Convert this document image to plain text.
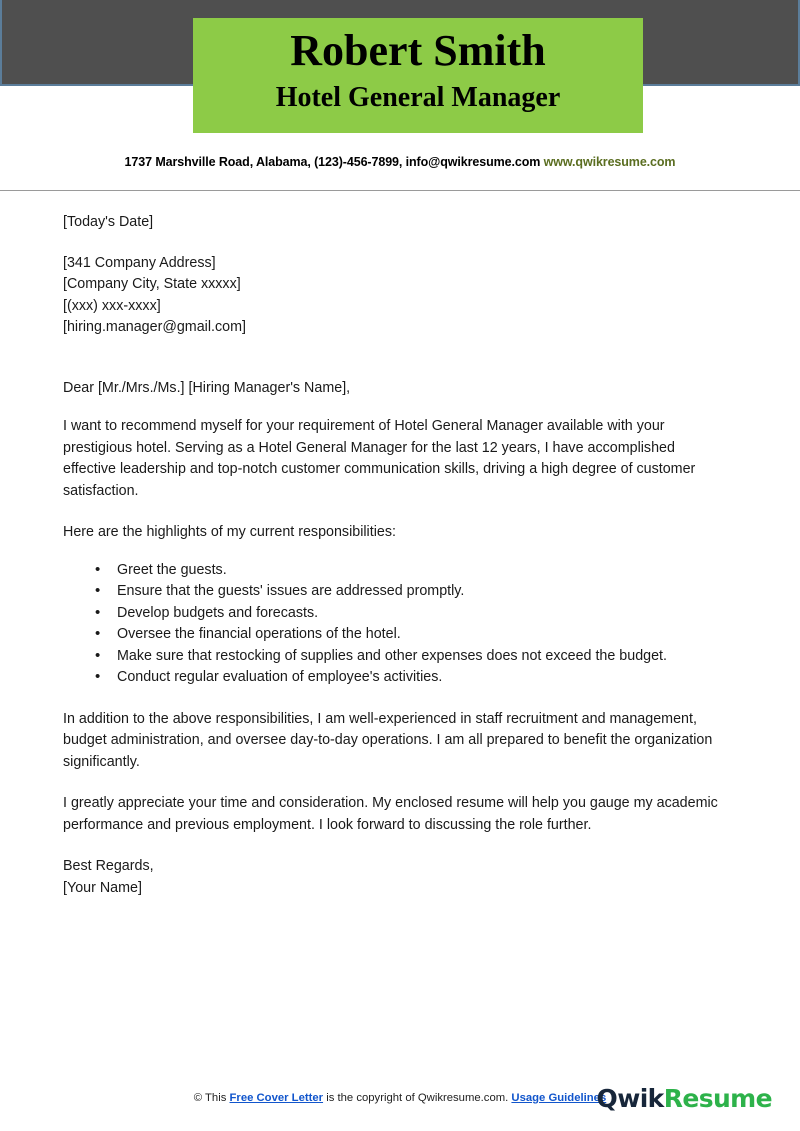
Robert Smith
Hotel General Manager
1737 Marshville Road, Alabama, (123)-456-7899, info@qwikresume.com www.qwikresume.com
[Today's Date]
[341 Company Address]
[Company City, State xxxxx]
[(xxx) xxx-xxxx]
[hiring.manager@gmail.com]

Dear [Mr./Mrs./Ms.] [Hiring Manager's Name],

I want to recommend myself for your requirement of Hotel General Manager available with your prestigious hotel. Serving as a Hotel General Manager for the last 12 years, I have accomplished effective leadership and top-notch customer communication skills, driving a high degree of customer satisfaction.

Here are the highlights of my current responsibilities:

• Greet the guests.
• Ensure that the guests' issues are addressed promptly.
• Develop budgets and forecasts.
• Oversee the financial operations of the hotel.
• Make sure that restocking of supplies and other expenses does not exceed the budget.
• Conduct regular evaluation of employee's activities.

In addition to the above responsibilities, I am well-experienced in staff recruitment and management, budget administration, and oversee day-to-day operations. I am all prepared to benefit the organization significantly.

I greatly appreciate your time and consideration. My enclosed resume will help you gauge my academic performance and previous employment. I look forward to discussing the role further.

Best Regards,
[Your Name]
© This Free Cover Letter is the copyright of Qwikresume.com. Usage Guidelines
QwikResume
